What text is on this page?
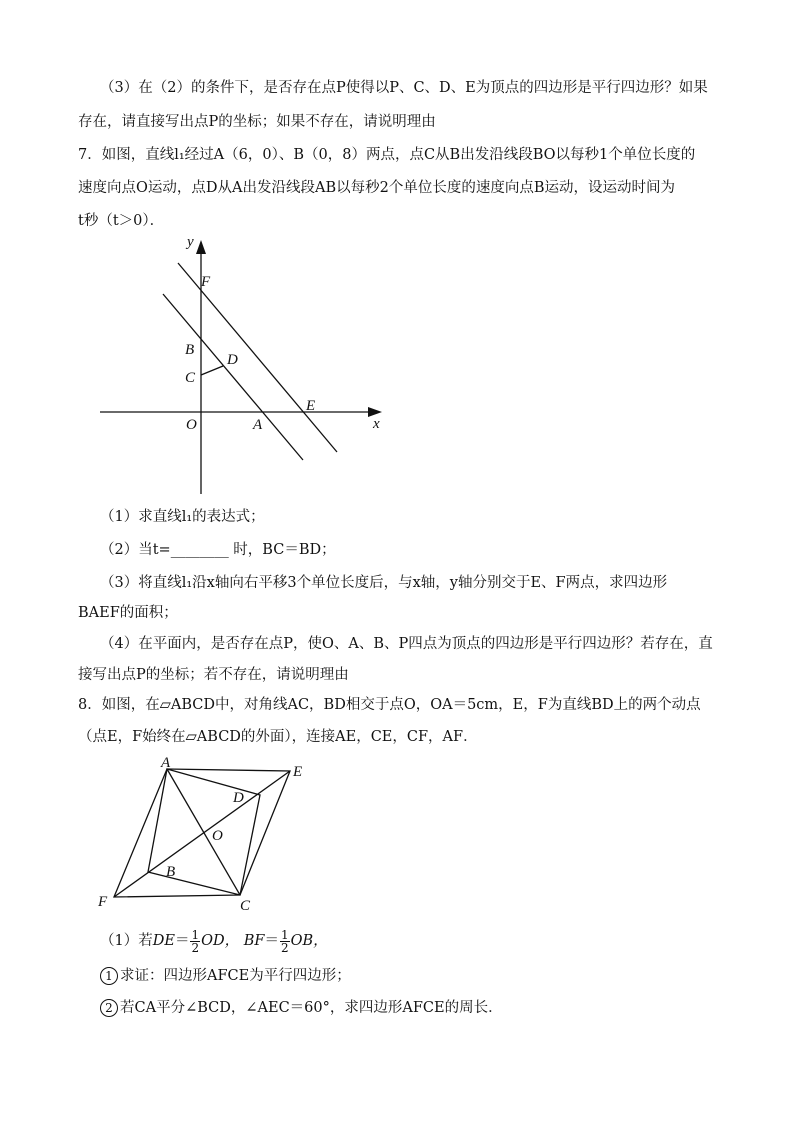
（3）在（2）的条件下，是否存在点P使得以P、C、D、E为顶点的四边形是平行四边形？如果
存在，请直接写出点P的坐标；如果不存在，请说明理由
7．如图，直线l₁经过A（6，0）、B（0，8）两点，点C从B出发沿线段BO以每秒1个单位长度的
速度向点O运动，点D从A出发沿线段AB以每秒2个单位长度的速度向点B运动，设运动时间为
t秒（t＞0）．
y
x
F
B
D
C
O	A
E
（1）求直线l₁的表达式；
（2）当t=________ 时，BC＝BD；
（3）将直线l₁沿x轴向右平移3个单位长度后，与x轴，y轴分别交于E、F两点，求四边形
BAEF的面积；
（4）在平面内，是否存在点P，使O、A、B、P四点为顶点的四边形是平行四边形？若存在，直
接写出点P的坐标；若不存在，请说明理由
8．如图，在▱ABCD中，对角线AC，BD相交于点O，OA＝5cm，E，F为直线BD上的两个动点
（点E，F始终在▱ABCD的外面），连接AE，CE，CF，AF．
A
E
D
O
B
F	C
（1）若$DE= \frac{1}{2}$ OD， $BF= \frac{1}{2}$ OB，
1 求证：四边形AFCE为平行四边形；
2 若CA平分∠BCD，∠AEC＝60°，求四边形AFCE的周长．
